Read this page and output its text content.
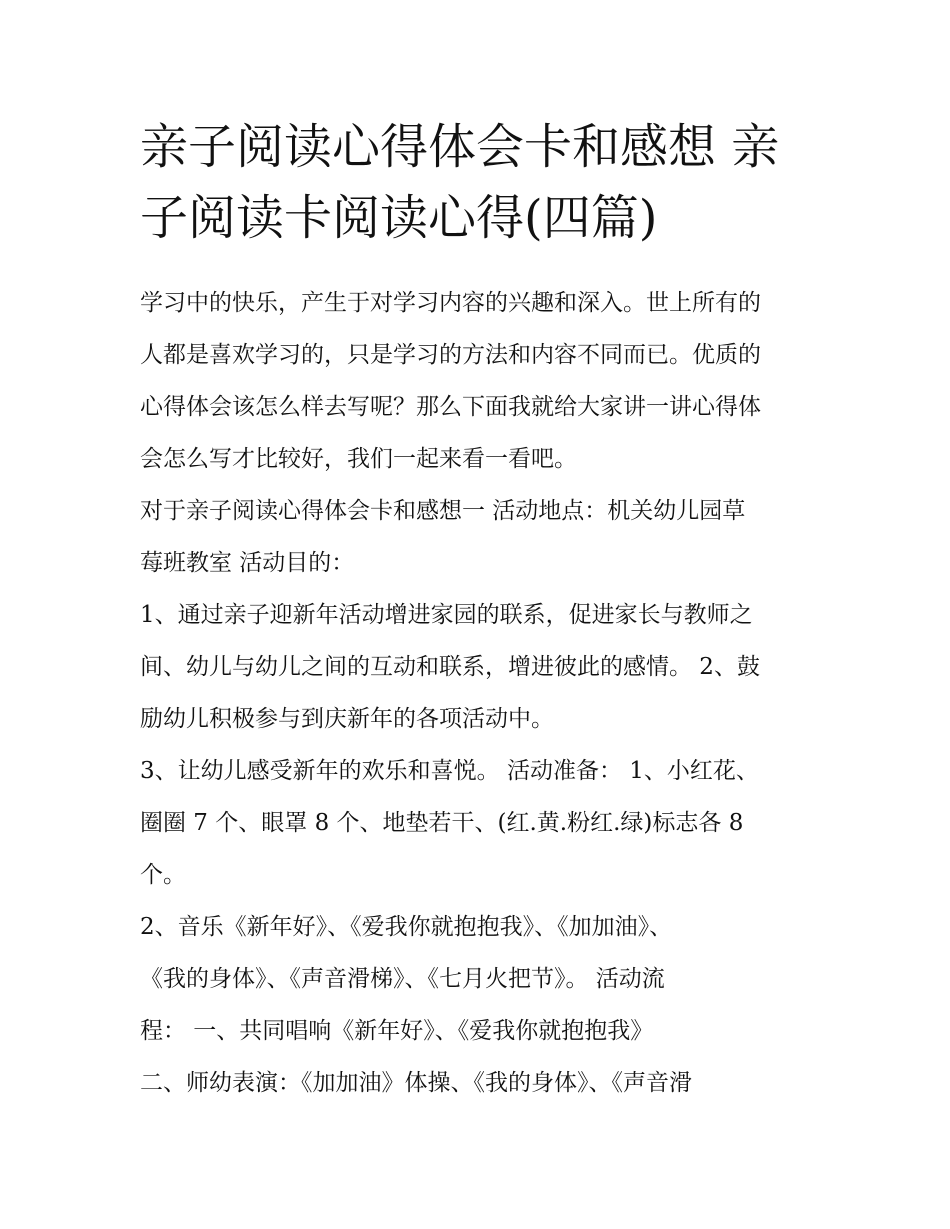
亲子阅读心得体会卡和感想 亲
子阅读卡阅读心得(四篇)
学习中的快乐，产生于对学习内容的兴趣和深入。世上所有的
人都是喜欢学习的，只是学习的方法和内容不同而已。优质的
心得体会该怎么样去写呢？那么下面我就给大家讲一讲心得体
会怎么写才比较好，我们一起来看一看吧。
对于亲子阅读心得体会卡和感想一 活动地点：机关幼儿园草
莓班教室 活动目的：
1、通过亲子迎新年活动增进家园的联系，促进家长与教师之
间、幼儿与幼儿之间的互动和联系，增进彼此的感情。 2、鼓
励幼儿积极参与到庆新年的各项活动中。
3、让幼儿感受新年的欢乐和喜悦。 活动准备： 1、小红花、
圈圈 7 个、眼罩 8 个、地垫若干、(红.黄.粉红.绿)标志各 8
个。
2、音乐《新年好》、《爱我你就抱抱我》、《加加油》、
《我的身体》、《声音滑梯》、《七月火把节》。 活动流
程： 一、共同唱响《新年好》、《爱我你就抱抱我》
二、师幼表演：《加加油》体操、《我的身体》、《声音滑
